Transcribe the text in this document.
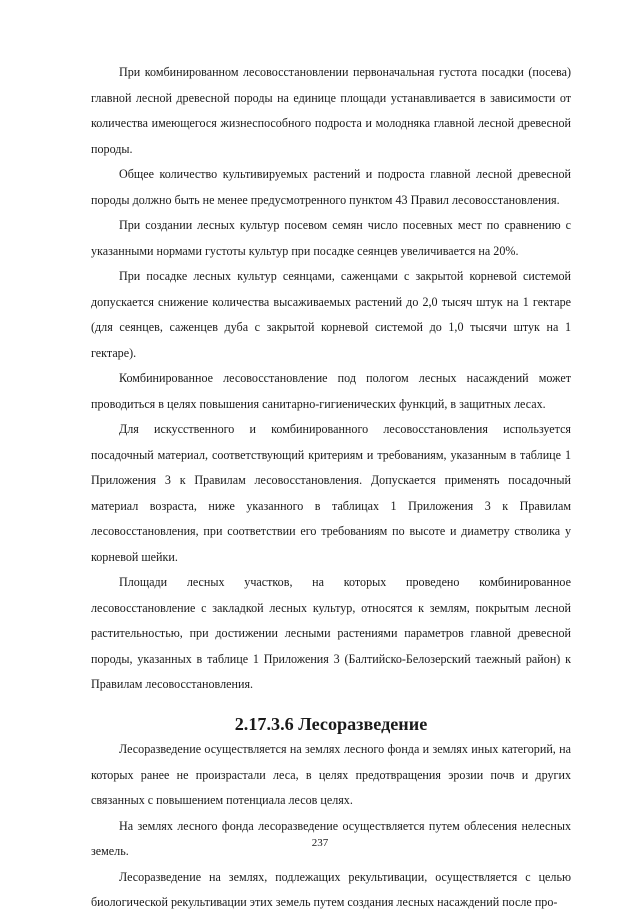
При комбинированном лесовосстановлении первоначальная густота посадки (посева) главной лесной древесной породы на единице площади устанавливается в зависимости от количества имеющегося жизнеспособного подроста и молодняка главной лесной древесной породы.

Общее количество культивируемых растений и подроста главной лесной древесной породы должно быть не менее предусмотренного пунктом 43 Правил лесовосстановления.

При создании лесных культур посевом семян число посевных мест по сравнению с указанными нормами густоты культур при посадке сеянцев увеличивается на 20%.

При посадке лесных культур сеянцами, саженцами с закрытой корневой системой допускается снижение количества высаживаемых растений до 2,0 тысяч штук на 1 гектаре (для сеянцев, саженцев дуба с закрытой корневой системой до 1,0 тысячи штук на 1 гектаре).

Комбинированное лесовосстановление под пологом лесных насаждений может проводиться в целях повышения санитарно-гигиенических функций, в защитных лесах.

Для искусственного и комбинированного лесовосстановления используется посадочный материал, соответствующий критериям и требованиям, указанным в таблице 1 Приложения 3 к Правилам лесовосстановления. Допускается применять посадочный материал возраста, ниже указанного в таблицах 1 Приложения 3 к Правилам лесовосстановления, при соответствии его требованиям по высоте и диаметру стволика у корневой шейки.

Площади лесных участков, на которых проведено комбинированное лесовосстановление с закладкой лесных культур, относятся к землям, покрытым лесной растительностью, при достижении лесными растениями параметров главной древесной породы, указанных в таблице 1 Приложения 3 (Балтийско-Белозерский таежный район) к Правилам лесовосстановления.

2.17.3.6 Лесоразведение

Лесоразведение осуществляется на землях лесного фонда и землях иных категорий, на которых ранее не произрастали леса, в целях предотвращения эрозии почв и других связанных с повышением потенциала лесов целях.

На землях лесного фонда лесоразведение осуществляется путем облесения нелесных земель.

Лесоразведение на землях, подлежащих рекультивации, осуществляется с целью биологической рекультивации этих земель путем создания лесных насаждений после про-

237
